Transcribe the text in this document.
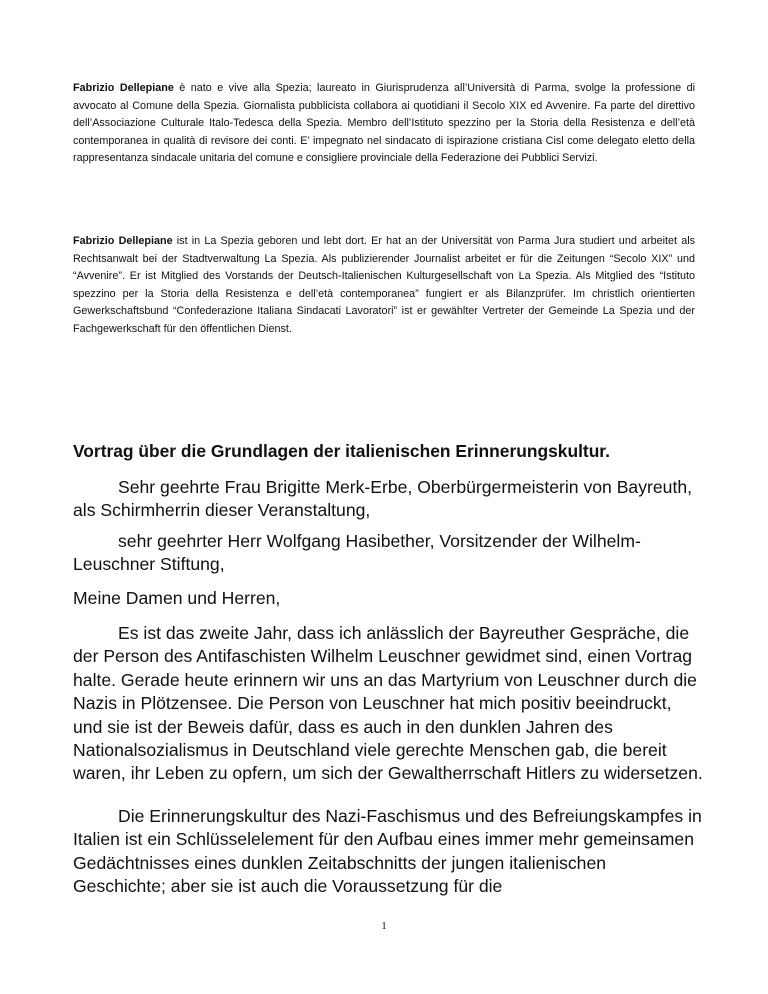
Fabrizio Dellepiane è nato e vive alla Spezia; laureato in Giurisprudenza all’Università di Parma, svolge la professione di avvocato al Comune della Spezia. Giornalista pubblicista collabora ai quotidiani il Secolo XIX ed Avvenire. Fa parte del direttivo dell’Associazione Culturale Italo-Tedesca della Spezia. Membro dell’Istituto spezzino per la Storia della Resistenza e dell’età contemporanea in qualità di revisore dei conti. E’ impegnato nel sindacato di ispirazione cristiana Cisl come delegato eletto della rappresentanza sindacale unitaria del comune e consigliere provinciale della Federazione dei Pubblici Servizi.
Fabrizio Dellepiane ist in La Spezia geboren und lebt dort. Er hat an der Universität von Parma Jura studiert und arbeitet als Rechtsanwalt bei der Stadtverwaltung La Spezia. Als publizierender Journalist arbeitet er für die Zeitungen “Secolo XIX” und “Avvenire”. Er ist Mitglied des Vorstands der Deutsch-Italienischen Kulturgesellschaft von La Spezia. Als Mitglied des “Istituto spezzino per la Storia della Resistenza e dell’età contemporanea” fungiert er als Bilanzprüfer. Im christlich orientierten Gewerkschaftsbund “Confederazione Italiana Sindacati Lavoratori” ist er gewählter Vertreter der Gemeinde La Spezia und der Fachgewerkschaft für den öffentlichen Dienst.
Vortrag über die Grundlagen der italienischen Erinnerungskultur.

Sehr geehrte Frau Brigitte Merk-Erbe, Oberbürgermeisterin von Bayreuth, als Schirmherrin dieser Veranstaltung,

sehr geehrter Herr Wolfgang Hasibether, Vorsitzender der Wilhelm-Leuschner Stiftung,

Meine Damen und Herren,

Es ist das zweite Jahr, dass ich anlässlich der Bayreuther Gespräche, die der Person des Antifaschisten Wilhelm Leuschner gewidmet sind, einen Vortrag halte. Gerade heute erinnern wir uns an das Martyrium von Leuschner durch die Nazis in Plötzensee. Die Person von Leuschner hat mich positiv beeindruckt, und sie ist der Beweis dafür, dass es auch in den dunklen Jahren des Nationalsozialismus in Deutschland viele gerechte Menschen gab, die bereit waren, ihr Leben zu opfern, um sich der Gewaltherrschaft Hitlers zu widersetzen.

Die Erinnerungskultur des Nazi-Faschismus und des Befreiungskampfes in Italien ist ein Schlüsselelement für den Aufbau eines immer mehr gemeinsamen Gedächtnisses eines dunklen Zeitabschnitts der jungen italienischen Geschichte; aber sie ist auch die Voraussetzung für die

1
